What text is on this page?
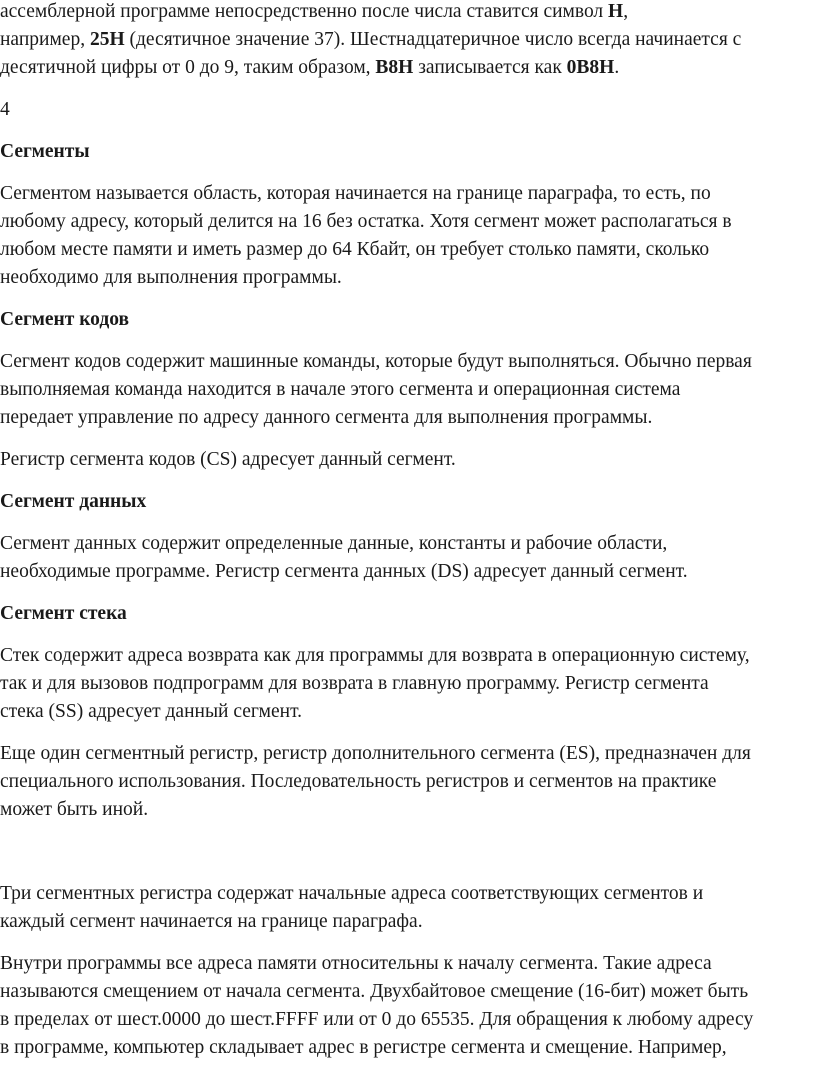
ассемблерной программе непосредственно после числа ставится символ H,
например, 25H (десятичное значение 37). Шестнадцатеричное число всегда начинается с
десятичной цифры от 0 до 9, таким образом, B8H записывается как 0B8H.

4

Сегменты

Сегментом называется область, которая начинается на границе параграфа, то есть, по
любому адресу, который делится на 16 без остатка. Хотя сегмент может располагаться в
любом месте памяти и иметь размер до 64 Кбайт, он требует столько памяти, сколько
необходимо для выполнения программы.

Сегмент кодов

Сегмент кодов содержит машинные команды, которые будут выполняться. Обычно первая
выполняемая команда находится в начале этого сегмента и операционная система
передает управление по адресу данного сегмента для выполнения программы.

Регистр сегмента кодов (CS) адресует данный сегмент.

Сегмент данных

Сегмент данных содержит определенные данные, константы и рабочие области,
необходимые программе. Регистр сегмента данных (DS) адресует данный сегмент.

Сегмент стека

Стек содержит адреса возврата как для программы для возврата в операционную систему,
так и для вызовов подпрограмм для возврата в главную программу. Регистр сегмента
стека (SS) адресует данный сегмент.

Еще один сегментный регистр, регистр дополнительного сегмента (ES), предназначен для
специального использования. Последовательность регистров и сегментов на практике
может быть иной.

Три сегментных регистра содержат начальные адреса соответствующих сегментов и
каждый сегмент начинается на границе параграфа.

Внутри программы все адреса памяти относительны к началу сегмента. Такие адреса
называются смещением от начала сегмента. Двухбайтовое смещение (16-бит) может быть
в пределах от шест.0000 до шест.FFFF или от 0 до 65535. Для обращения к любому адресу
в программе, компьютер складывает адрес в регистре сегмента и смещение. Например,
